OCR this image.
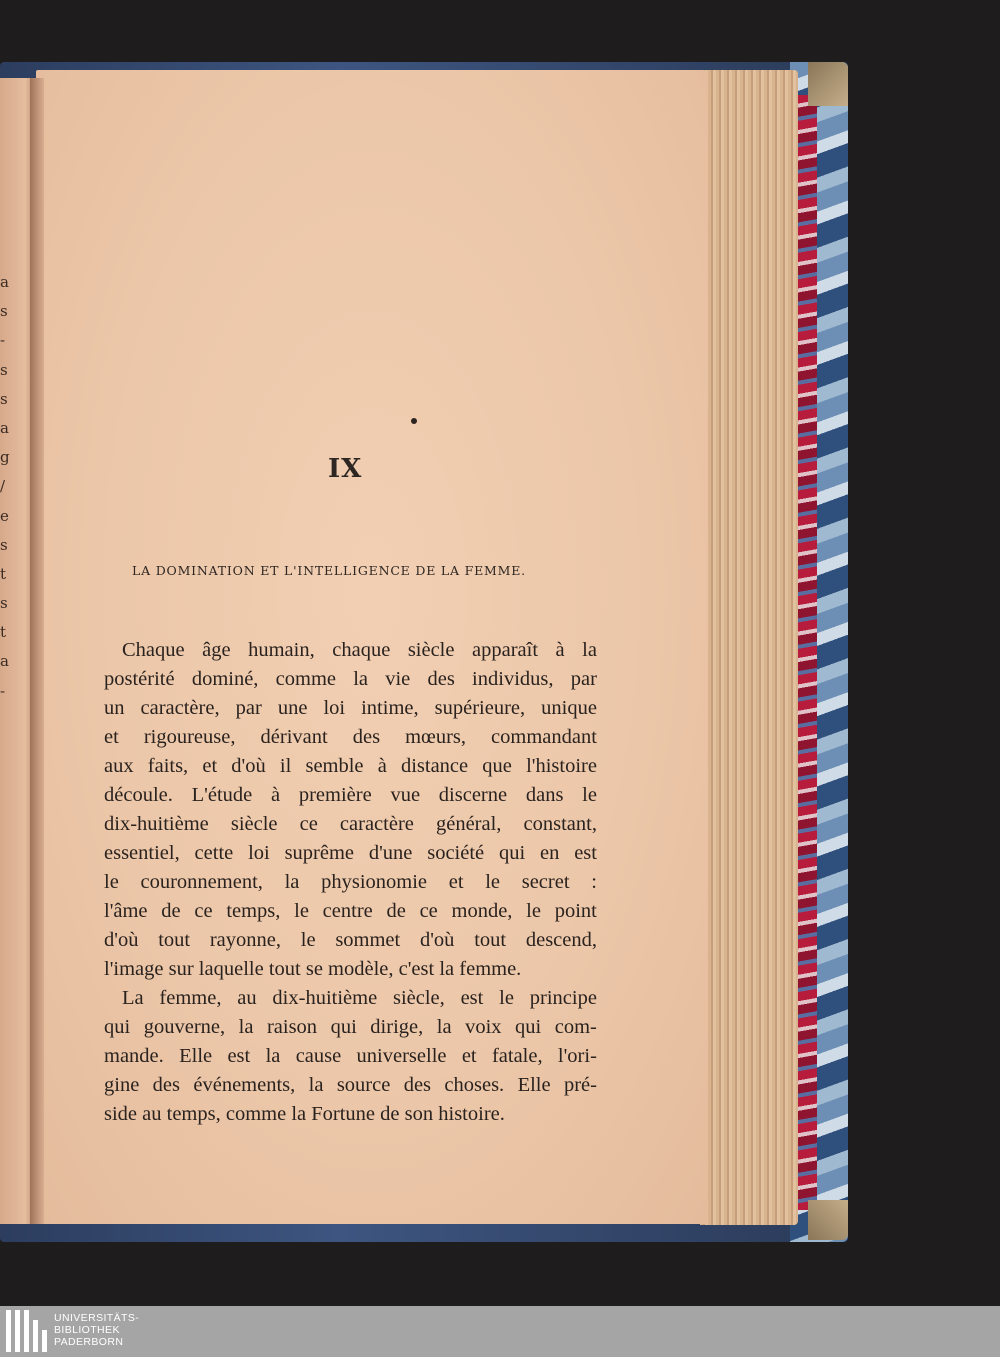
a
s
-
s
s
a
g
/
e
s
t
s
t
a
-
IX
LA DOMINATION ET L'INTELLIGENCE DE LA FEMME.
Chaque âge humain, chaque siècle apparaît à la
postérité dominé, comme la vie des individus, par
un caractère, par une loi intime, supérieure, unique
et rigoureuse, dérivant des mœurs, commandant
aux faits, et d'où il semble à distance que l'histoire
découle. L'étude à première vue discerne dans le
dix-huitième siècle ce caractère général, constant,
essentiel, cette loi suprême d'une société qui en est
le couronnement, la physionomie et le secret :
l'âme de ce temps, le centre de ce monde, le point
d'où tout rayonne, le sommet d'où tout descend,
l'image sur laquelle tout se modèle, c'est la femme.
La femme, au dix-huitième siècle, est le principe
qui gouverne, la raison qui dirige, la voix qui com-
mande. Elle est la cause universelle et fatale, l'ori-
gine des événements, la source des choses. Elle pré-
side au temps, comme la Fortune de son histoire.
UNIVERSITÄTS-
BIBLIOTHEK
PADERBORN
